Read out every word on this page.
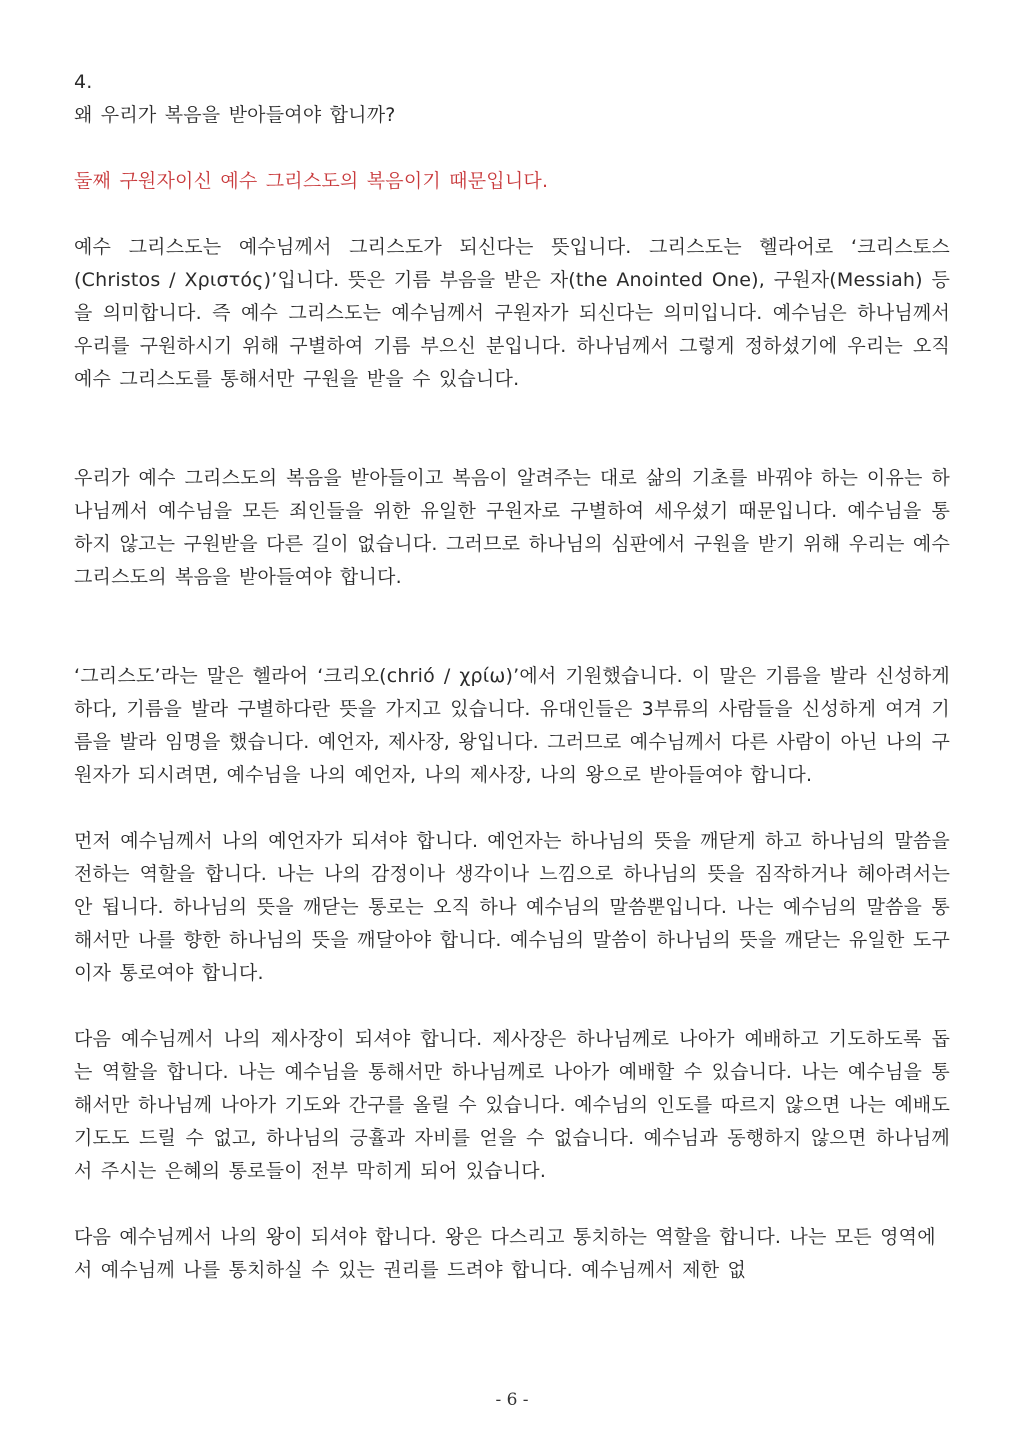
4.

왜 우리가 복음을 받아들여야 합니까?

둘째 구원자이신 예수 그리스도의 복음이기 때문입니다.

예수 그리스도는 예수님께서 그리스도가 되신다는 뜻입니다. 그리스도는 헬라어로 ‘크리스토스(Christos / Χριστός)’입니다. 뜻은 기름 부음을 받은 자(the Anointed One), 구원자(Messiah) 등을 의미합니다. 즉 예수 그리스도는 예수님께서 구원자가 되신다는 의미입니다. 예수님은 하나님께서 우리를 구원하시기 위해 구별하여 기름 부으신 분입니다. 하나님께서 그렇게 정하셨기에 우리는 오직 예수 그리스도를 통해서만 구원을 받을 수 있습니다.

우리가 예수 그리스도의 복음을 받아들이고 복음이 알려주는 대로 삶의 기초를 바꿔야 하는 이유는 하나님께서 예수님을 모든 죄인들을 위한 유일한 구원자로 구별하여 세우셨기 때문입니다. 예수님을 통하지 않고는 구원받을 다른 길이 없습니다. 그러므로 하나님의 심판에서 구원을 받기 위해 우리는 예수 그리스도의 복음을 받아들여야 합니다.

‘그리스도’라는 말은 헬라어 ‘크리오(chrió / χρίω)’에서 기원했습니다. 이 말은 기름을 발라 신성하게 하다, 기름을 발라 구별하다란 뜻을 가지고 있습니다. 유대인들은 3부류의 사람들을 신성하게 여겨 기름을 발라 임명을 했습니다. 예언자, 제사장, 왕입니다. 그러므로 예수님께서 다른 사람이 아닌 나의 구원자가 되시려면, 예수님을 나의 예언자, 나의 제사장, 나의 왕으로 받아들여야 합니다.

먼저 예수님께서 나의 예언자가 되셔야 합니다. 예언자는 하나님의 뜻을 깨닫게 하고 하나님의 말씀을 전하는 역할을 합니다. 나는 나의 감정이나 생각이나 느낌으로 하나님의 뜻을 짐작하거나 헤아려서는 안 됩니다. 하나님의 뜻을 깨닫는 통로는 오직 하나 예수님의 말씀뿐입니다. 나는 예수님의 말씀을 통해서만 나를 향한 하나님의 뜻을 깨달아야 합니다. 예수님의 말씀이 하나님의 뜻을 깨닫는 유일한 도구이자 통로여야 합니다.

다음 예수님께서 나의 제사장이 되셔야 합니다. 제사장은 하나님께로 나아가 예배하고 기도하도록 돕는 역할을 합니다. 나는 예수님을 통해서만 하나님께로 나아가 예배할 수 있습니다. 나는 예수님을 통해서만 하나님께 나아가 기도와 간구를 올릴 수 있습니다. 예수님의 인도를 따르지 않으면 나는 예배도 기도도 드릴 수 없고, 하나님의 긍휼과 자비를 얻을 수 없습니다. 예수님과 동행하지 않으면 하나님께서 주시는 은혜의 통로들이 전부 막히게 되어 있습니다.

다음 예수님께서 나의 왕이 되셔야 합니다. 왕은 다스리고 통치하는 역할을 합니다. 나는 모든 영역에서 예수님께 나를 통치하실 수 있는 권리를 드려야 합니다. 예수님께서 제한 없

- 6 -
